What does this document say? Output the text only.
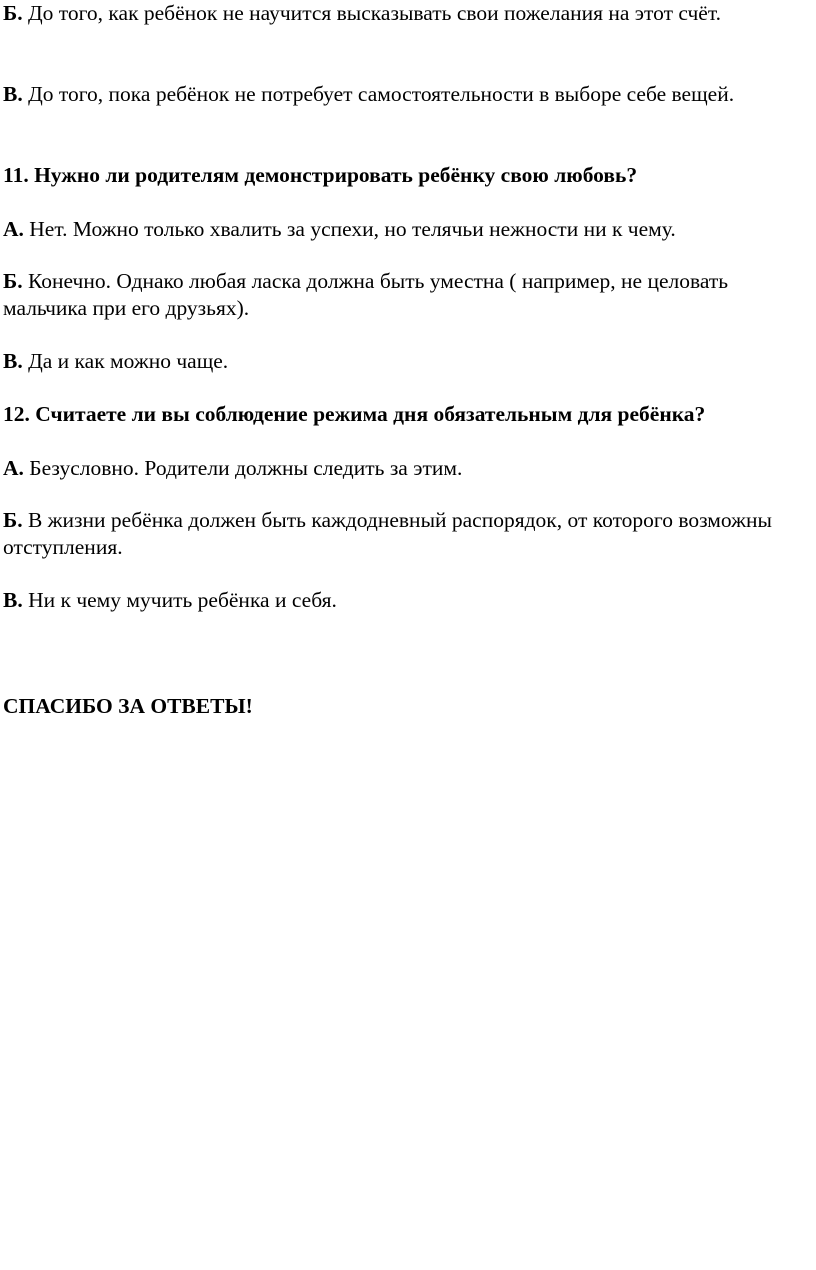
Б. До того, как ребёнок не научится высказывать свои пожелания на этот счёт.

В. До того, пока ребёнок не потребует самостоятельности в выборе себе вещей.

11. Нужно ли родителям демонстрировать ребёнку свою любовь?

А. Нет. Можно только хвалить за успехи, но телячьи нежности ни к чему.

Б. Конечно. Однако любая ласка должна быть уместна ( например, не целовать мальчика при его друзьях).

В. Да и как можно чаще.

12. Считаете ли вы соблюдение режима дня обязательным для ребёнка?

А. Безусловно. Родители должны следить за этим.

Б. В жизни ребёнка должен быть каждодневный распорядок, от которого возможны отступления.

В. Ни к чему мучить ребёнка и себя.

СПАСИБО ЗА ОТВЕТЫ!
